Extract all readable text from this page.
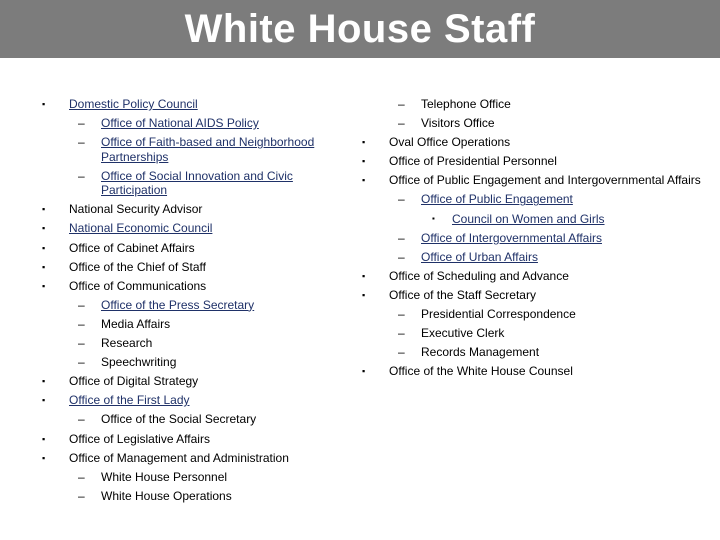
White House Staff
▪ Domestic Policy Council
– Office of National AIDS Policy
– Office of Faith-based and Neighborhood Partnerships
– Office of Social Innovation and Civic Participation
▪ National Security Advisor
▪ National Economic Council
▪ Office of Cabinet Affairs
▪ Office of the Chief of Staff
▪ Office of Communications
– Office of the Press Secretary
– Media Affairs
– Research
– Speechwriting
▪ Office of Digital Strategy
▪ Office of the First Lady
– Office of the Social Secretary
▪ Office of Legislative Affairs
▪ Office of Management and Administration
– White House Personnel
– White House Operations
– Telephone Office
– Visitors Office
▪ Oval Office Operations
▪ Office of Presidential Personnel
▪ Office of Public Engagement and Intergovernmental Affairs
– Office of Public Engagement
▪ Council on Women and Girls
– Office of Intergovernmental Affairs
– Office of Urban Affairs
▪ Office of Scheduling and Advance
▪ Office of the Staff Secretary
– Presidential Correspondence
– Executive Clerk
– Records Management
▪ Office of the White House Counsel
